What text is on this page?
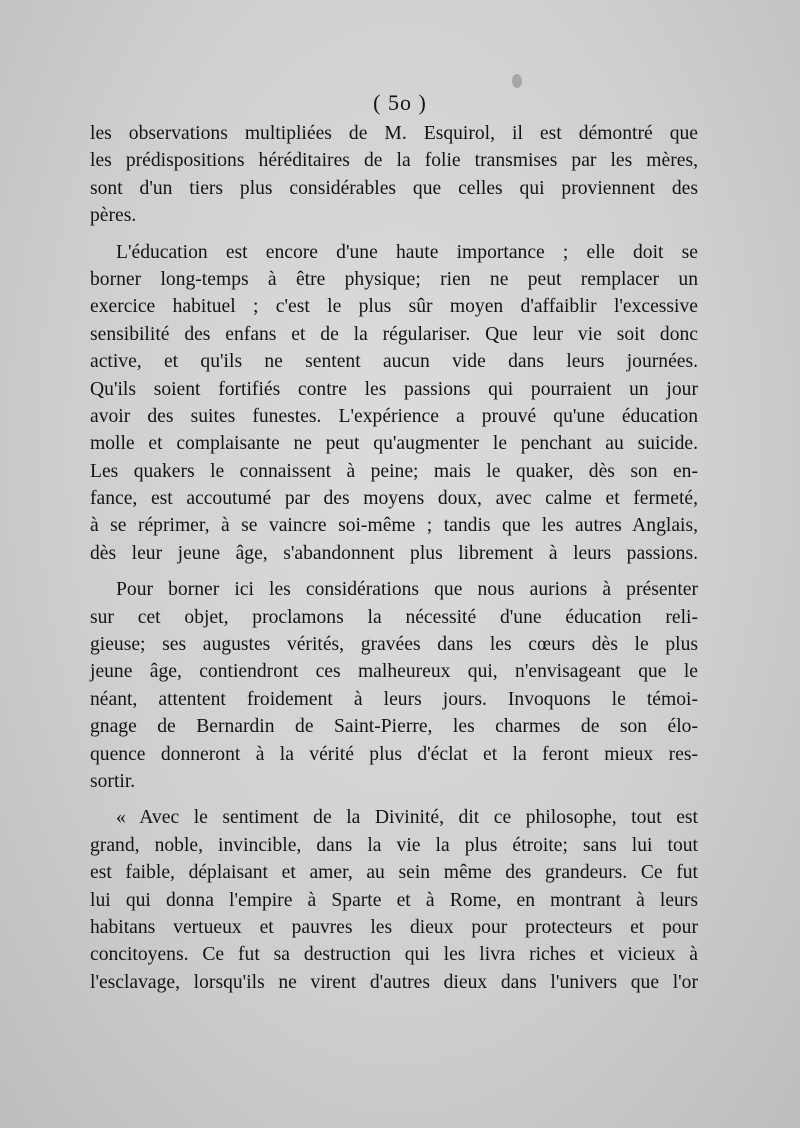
( 5o )
les observations multipliées de M. Esquirol, il est démontré que
les prédispositions héréditaires de la folie transmises par les mères,
sont d'un tiers plus considérables que celles qui proviennent des
pères.
L'éducation est encore d'une haute importance ; elle doit se
borner long-temps à être physique; rien ne peut remplacer un
exercice habituel ; c'est le plus sûr moyen d'affaiblir l'excessive
sensibilité des enfans et de la régulariser. Que leur vie soit donc
active, et qu'ils ne sentent aucun vide dans leurs journées.
Qu'ils soient fortifiés contre les passions qui pourraient un jour
avoir des suites funestes. L'expérience a prouvé qu'une éducation
molle et complaisante ne peut qu'augmenter le penchant au suicide.
Les quakers le connaissent à peine; mais le quaker, dès son en-
fance, est accoutumé par des moyens doux, avec calme et fermeté,
à se réprimer, à se vaincre soi-même ; tandis que les autres Anglais,
dès leur jeune âge, s'abandonnent plus librement à leurs passions.
Pour borner ici les considérations que nous aurions à présenter
sur cet objet, proclamons la nécessité d'une éducation reli-
gieuse; ses augustes vérités, gravées dans les cœurs dès le plus
jeune âge, contiendront ces malheureux qui, n'envisageant que le
néant, attentent froidement à leurs jours. Invoquons le témoi-
gnage de Bernardin de Saint-Pierre, les charmes de son élo-
quence donneront à la vérité plus d'éclat et la feront mieux res-
sortir.
« Avec le sentiment de la Divinité, dit ce philosophe, tout est
grand, noble, invincible, dans la vie la plus étroite; sans lui tout
est faible, déplaisant et amer, au sein même des grandeurs. Ce fut
lui qui donna l'empire à Sparte et à Rome, en montrant à leurs
habitans vertueux et pauvres les dieux pour protecteurs et pour
concitoyens. Ce fut sa destruction qui les livra riches et vicieux à
l'esclavage, lorsqu'ils ne virent d'autres dieux dans l'univers que l'or
